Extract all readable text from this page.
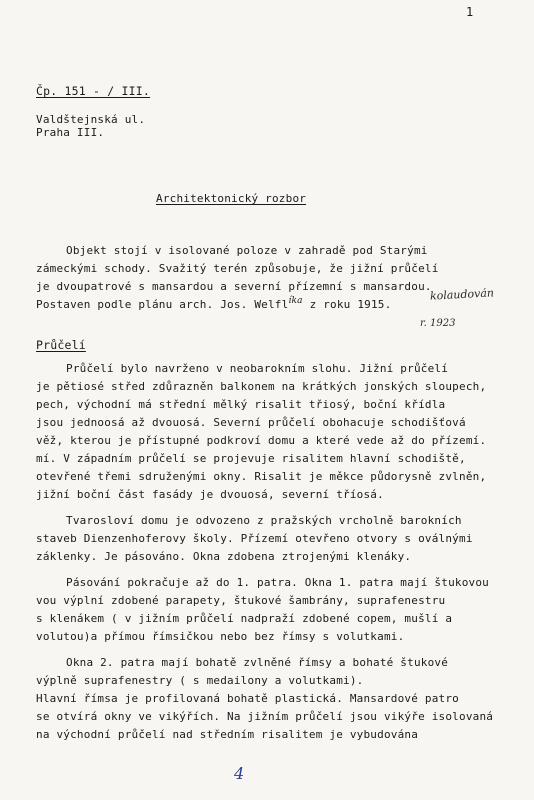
1
Čp. 151 - / III.
Valdštejnská ul.
Praha III.
Architektonický rozbor
Objekt stojí v isolované poloze v zahradě pod Starými
zámeckými schody. Svažitý terén způsobuje, že jižní průčelí
je dvoupatrové s mansardou a severní přízemní s mansardou.
Postaven podle plánu arch. Jos. Welfl$^{íka}$ z roku 1915.
kolaudován
r. 1923
Průčelí
Průčelí bylo navrženo v neobarokním slohu. Jižní průčelí
je pětiosé střed zdůrazněn balkonem na krátkých jonských sloupech,
pech, východní má střední mělký risalit třiosý, boční křídla
jsou jednoosá až dvouosá. Severní průčelí obohacuje schodišťová
věž, kterou je přístupné podkroví domu a které vede až do přízemí.
mí. V západním průčelí se projevuje risalitem hlavní schodiště,
otevřené třemi sdruženými okny. Risalit je měkce půdorysně zvlněn,
jižní boční část fasády je dvouosá, severní tříosá.
Tvarosloví domu je odvozeno z pražských vrcholně barokních
staveb Dienzenhoferovy školy. Přízemí otevřeno otvory s oválnými
záklenky. Je pásováno. Okna zdobena ztrojenými klenáky.
Pásování pokračuje až do 1. patra. Okna 1. patra mají štukovou
vou výplní zdobené parapety, štukové šambrány, suprafenestru
s klenákem ( v jižním průčelí nadpraží zdobené copem, mušlí a
volutou)a přímou římsičkou nebo bez římsy s volutkami.
Okna 2. patra mají bohatě zvlněné římsy a bohaté štukové
výplně suprafenestry ( s medailony a volutkami).
Hlavní římsa je profilovaná bohatě plastická. Mansardové patro
se otvírá okny ve vikýřích. Na jižním průčelí jsou vikýře isolovaná
na východní průčelí nad středním risalitem je vybudována
4
